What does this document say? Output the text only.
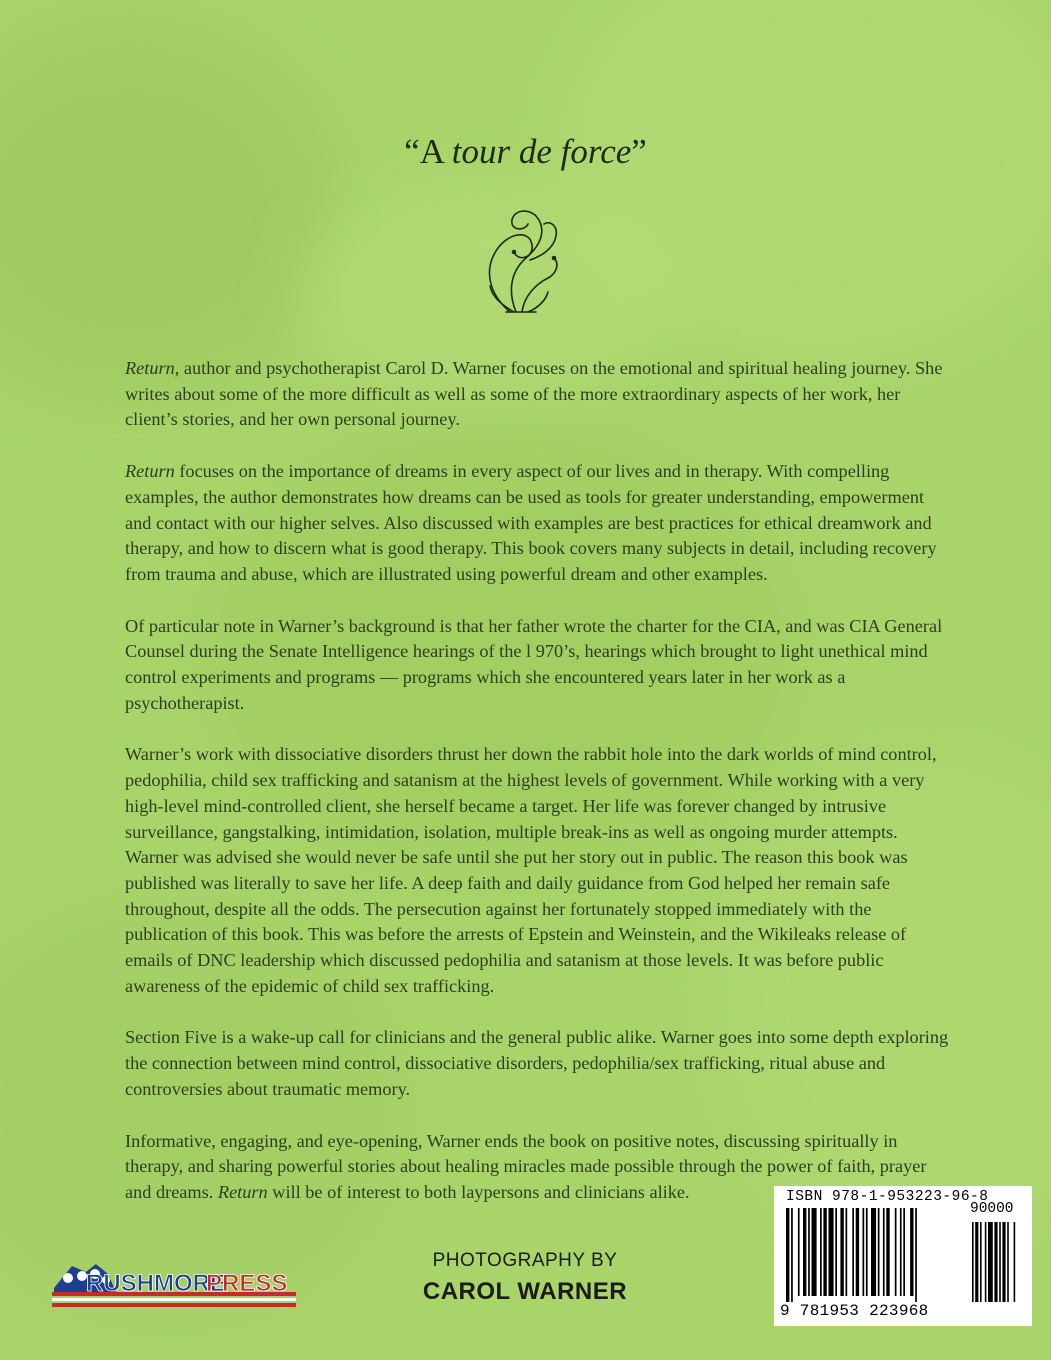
“A tour de force”

Return, author and psychotherapist Carol D. Warner focuses on the emotional and spiritual healing journey. She writes about some of the more difficult as well as some of the more extraordinary aspects of her work, her client’s stories, and her own personal journey.

Return focuses on the importance of dreams in every aspect of our lives and in therapy. With compelling examples, the author demonstrates how dreams can be used as tools for greater understanding, empowerment and contact with our higher selves. Also discussed with examples are best practices for ethical dreamwork and therapy, and how to discern what is good therapy. This book covers many subjects in detail, including recovery from trauma and abuse, which are illustrated using powerful dream and other examples.

Of particular note in Warner’s background is that her father wrote the charter for the CIA, and was CIA General Counsel during the Senate Intelligence hearings of the l 970’s, hearings which brought to light unethical mind control experiments and programs — programs which she encountered years later in her work as a psychotherapist.

Warner’s work with dissociative disorders thrust her down the rabbit hole into the dark worlds of mind control, pedophilia, child sex trafficking and satanism at the highest levels of government. While working with a very high-level mind-controlled client, she herself became a target. Her life was forever changed by intrusive surveillance, gangstalking, intimidation, isolation, multiple break-ins as well as ongoing murder attempts. Warner was advised she would never be safe until she put her story out in public. The reason this book was published was literally to save her life. A deep faith and daily guidance from God helped her remain safe throughout, despite all the odds. The persecution against her fortunately stopped immediately with the publication of this book. This was before the arrests of Epstein and Weinstein, and the Wikileaks release of emails of DNC leadership which discussed pedophilia and satanism at those levels. It was before public awareness of the epidemic of child sex trafficking.

Section Five is a wake-up call for clinicians and the general public alike. Warner goes into some depth exploring the connection between mind control, dissociative disorders, pedophilia/sex trafficking, ritual abuse and controversies about traumatic memory.

Informative, engaging, and eye-opening, Warner ends the book on positive notes, discussing spiritually in therapy, and sharing powerful stories about healing miracles made possible through the power of faith, prayer and dreams. Return will be of interest to both laypersons and clinicians alike.

RUSHMORE
PRESS
PHOTOGRAPHY BY
CAROL WARNER
ISBN 978-1-953223-96-8
90000
9 781953 223968
